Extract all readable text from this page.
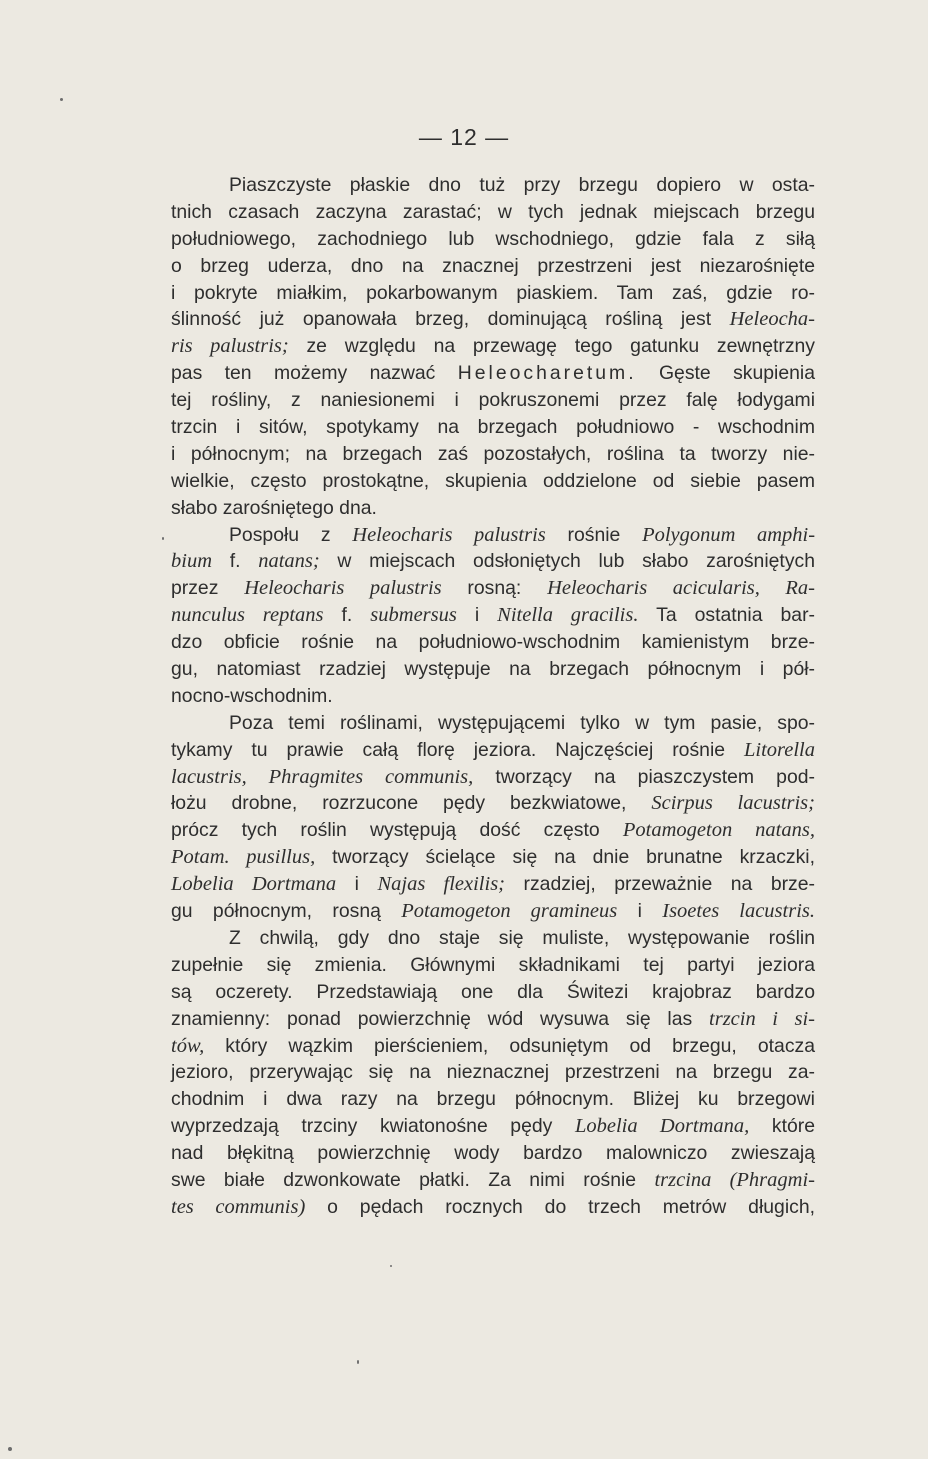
— 12 —
Piaszczyste płaskie dno tuż przy brzegu dopiero w osta-
tnich czasach zaczyna zarastać; w tych jednak miejscach brzegu
południowego, zachodniego lub wschodniego, gdzie fala z siłą
o brzeg uderza, dno na znacznej przestrzeni jest niezarośnięte
i pokryte miałkim, pokarbowanym piaskiem. Tam zaś, gdzie ro-
ślinność już opanowała brzeg, dominującą rośliną jest Heleocha-
ris palustris; ze względu na przewagę tego gatunku zewnętrzny
pas ten możemy nazwać Heleocharetum. Gęste skupienia
tej rośliny, z naniesionemi i pokruszonemi przez falę łodygami
trzcin i sitów, spotykamy na brzegach południowo - wschodnim
i północnym; na brzegach zaś pozostałych, roślina ta tworzy nie-
wielkie, często prostokątne, skupienia oddzielone od siebie pasem
słabo zarośniętego dna.
Pospołu z Heleocharis palustris rośnie Polygonum amphi-
bium f. natans; w miejscach odsłoniętych lub słabo zarośniętych
przez Heleocharis palustris rosną: Heleocharis acicularis, Ra-
nunculus reptans f. submersus i Nitella gracilis. Ta ostatnia bar-
dzo obficie rośnie na południowo-wschodnim kamienistym brze-
gu, natomiast rzadziej występuje na brzegach północnym i pół-
nocno-wschodnim.
Poza temi roślinami, występującemi tylko w tym pasie, spo-
tykamy tu prawie całą florę jeziora. Najczęściej rośnie Litorella
lacustris, Phragmites communis, tworzący na piaszczystem pod-
łożu drobne, rozrzucone pędy bezkwiatowe, Scirpus lacustris;
prócz tych roślin występują dość często Potamogeton natans,
Potam. pusillus, tworzący ścielące się na dnie brunatne krzaczki,
Lobelia Dortmana i Najas flexilis; rzadziej, przeważnie na brze-
gu północnym, rosną Potamogeton gramineus i Isoetes lacustris.
Z chwilą, gdy dno staje się muliste, występowanie roślin
zupełnie się zmienia. Głównymi składnikami tej partyi jeziora
są oczerety. Przedstawiają one dla Świtezi krajobraz bardzo
znamienny: ponad powierzchnię wód wysuwa się las trzcin i si-
tów, który wązkim pierścieniem, odsuniętym od brzegu, otacza
jezioro, przerywając się na nieznacznej przestrzeni na brzegu za-
chodnim i dwa razy na brzegu północnym. Bliżej ku brzegowi
wyprzedzają trzciny kwiatonośne pędy Lobelia Dortmana, które
nad błękitną powierzchnię wody bardzo malowniczo zwieszają
swe białe dzwonkowate płatki. Za nimi rośnie trzcina (Phragmi-
tes communis) o pędach rocznych do trzech metrów długich,
